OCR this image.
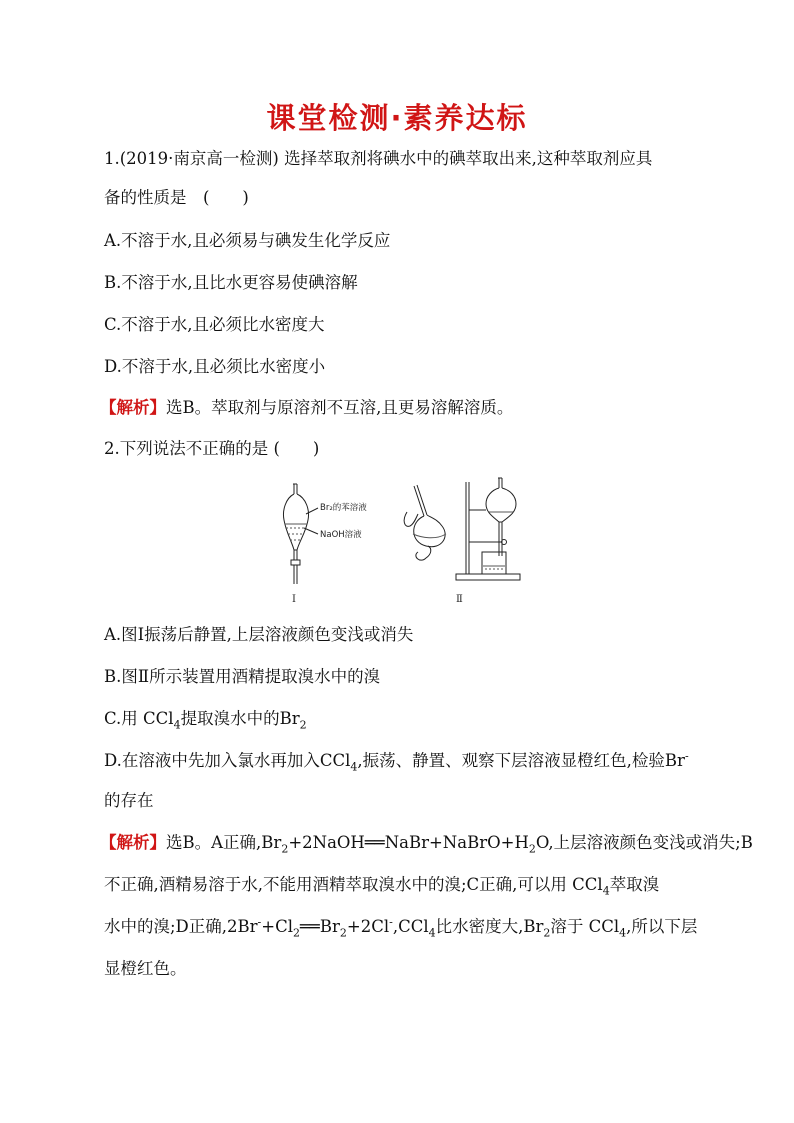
课堂检测·素养达标
1.(2019·南京高一检测) 选择萃取剂将碘水中的碘萃取出来,这种萃取剂应具
备的性质是　(　　)
A.不溶于水,且必须易与碘发生化学反应
B.不溶于水,且比水更容易使碘溶解
C.不溶于水,且必须比水密度大
D.不溶于水,且必须比水密度小
【解析】选B。萃取剂与原溶剂不互溶,且更易溶解溶质。
2.下列说法不正确的是 (　　)
Br₂的苯溶液
NaOH溶液
Ⅰ	Ⅱ
A.图Ⅰ振荡后静置,上层溶液颜色变浅或消失
B.图Ⅱ所示装置用酒精提取溴水中的溴
C.用 CCl$_4$提取溴水中的$Br_2$
D.在溶液中先加入氯水再加入CCl$_4$,振荡、静置、观察下层溶液显橙红色,检验Br-
的存在
【解析】选B。A正确$,Br_2+2NaOH══NaBr+NaBrO+H_2O$,上层溶液颜色变浅或消失;B
不正确,酒精易溶于水,不能用酒精萃取溴水中的溴;C正确,可以用 CCl$_4$萃取溴
水中的溴;D正确$,2Br^-+Cl_2══Br_2+2Cl^-,CCl_4$比水密度大$,Br_2$溶于 CCl$_4$,所以下层
显橙红色。
